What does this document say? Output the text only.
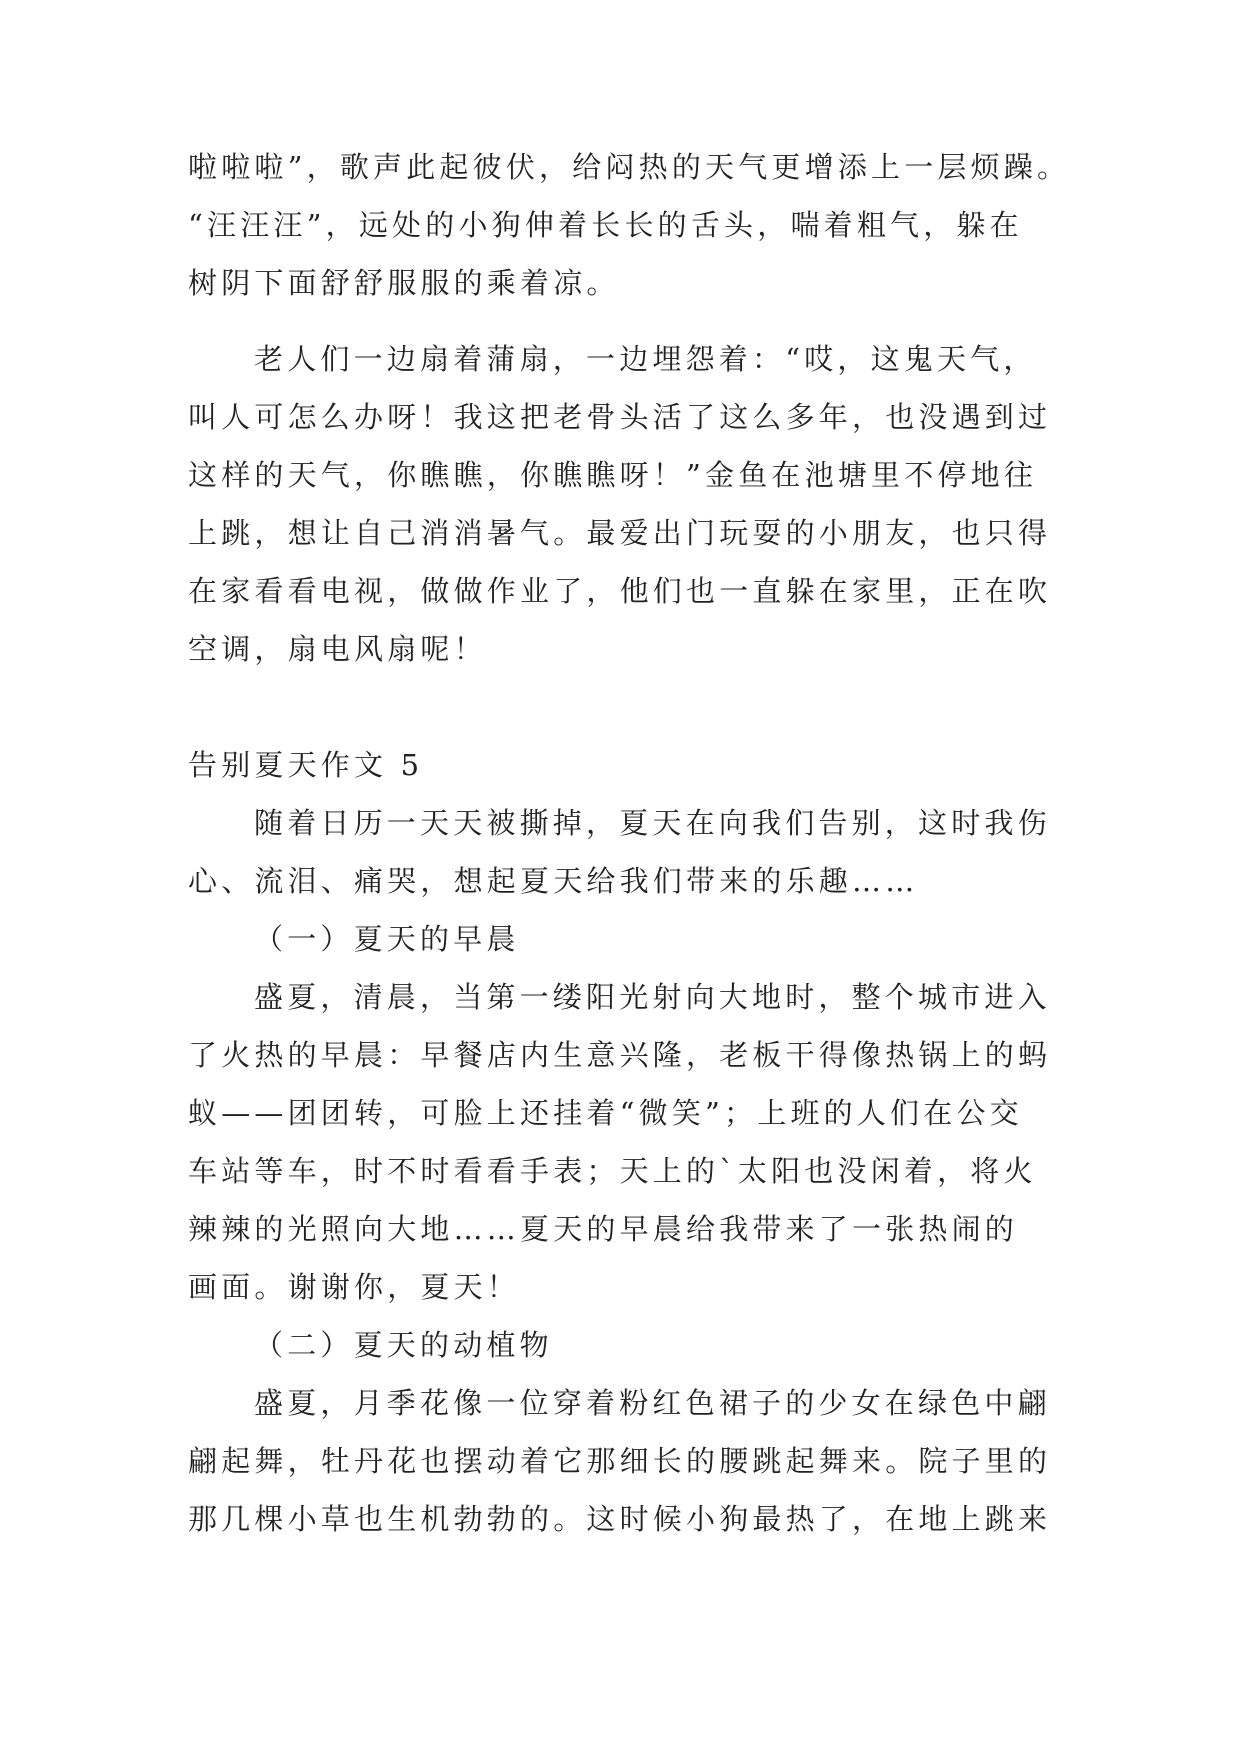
啦啦啦”，歌声此起彼伏，给闷热的天气更增添上一层烦躁。
“汪汪汪”，远处的小狗伸着长长的舌头，喘着粗气，躲在
树阴下面舒舒服服的乘着凉。
老人们一边扇着蒲扇，一边埋怨着：“哎，这鬼天气，
叫人可怎么办呀！我这把老骨头活了这么多年，也没遇到过
这样的天气，你瞧瞧，你瞧瞧呀！”金鱼在池塘里不停地往
上跳，想让自己消消暑气。最爱出门玩耍的小朋友，也只得
在家看看电视，做做作业了，他们也一直躲在家里，正在吹
空调，扇电风扇呢！
告别夏天作文 5
随着日历一天天被撕掉，夏天在向我们告别，这时我伤
心、流泪、痛哭，想起夏天给我们带来的乐趣……
（一）夏天的早晨
盛夏，清晨，当第一缕阳光射向大地时，整个城市进入
了火热的早晨：早餐店内生意兴隆，老板干得像热锅上的蚂
蚁——团团转，可脸上还挂着“微笑”；上班的人们在公交
车站等车，时不时看看手表；天上的`太阳也没闲着，将火
辣辣的光照向大地……夏天的早晨给我带来了一张热闹的
画面。谢谢你，夏天！
（二）夏天的动植物
盛夏，月季花像一位穿着粉红色裙子的少女在绿色中翩
翩起舞，牡丹花也摆动着它那细长的腰跳起舞来。院子里的
那几棵小草也生机勃勃的。这时候小狗最热了，在地上跳来
